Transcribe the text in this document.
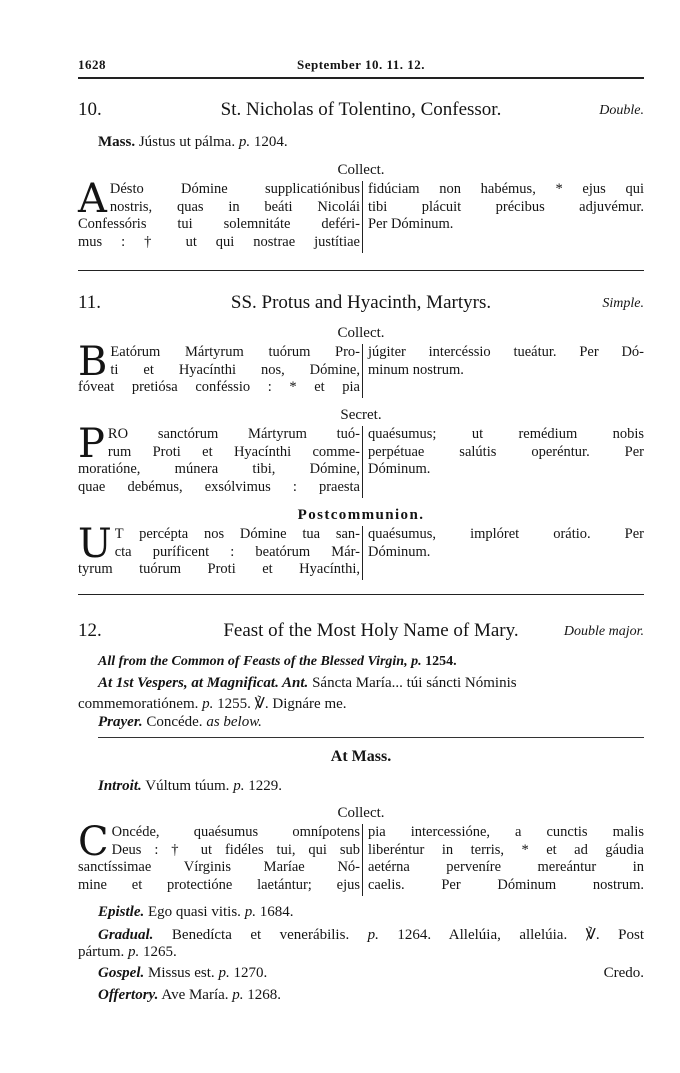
1628	September 10. 11. 12.
10.	St. Nicholas of Tolentino, Confessor.	Double.
Mass. Jústus ut pálma. p. 1204.
Collect.
A Désto Dómine supplicatiónibus
nostris, quas in beáti Nicolái
Confessóris tui solemnitáte deféri-
mus : † ut qui nostrae justítiae
fidúciam non habémus, * ejus qui
tibi plácuit précibus adjuvémur.
Per Dóminum.
11.	SS. Protus and Hyacinth, Martyrs.	Simple.
Collect.
B Eatórum Mártyrum tuórum Pro-
ti et Hyacínthi nos, Dómine,
fóveat pretiósa conféssio : * et pia
júgiter intercéssio tueátur. Per Dó-
minum nostrum.
Secret.
P RO sanctórum Mártyrum tuó-
rum Proti et Hyacínthi comme-
moratióne, múnera tibi, Dómine,
quae debémus, exsólvimus : praesta
quaésumus; ut remédium nobis
perpétuae salútis operéntur. Per
Dóminum.
Postcommunion.
U T percépta nos Dómine tua san-
cta puríficent : beatórum Már-
tyrum tuórum Proti et Hyacínthi,
quaésumus, implóret orátio. Per
Dóminum.
12.	Feast of the Most Holy Name of Mary.	Double major.
All from the Common of Feasts of the Blessed Virgin, p. 1254.
At 1st Vespers, at Magnificat. Ant. Sáncta María... túi sáncti Nóminis
commemoratiónem. p. 1255. ℣. Dignáre me.
Prayer. Concéde. as below.
At Mass.
Introit. Vúltum túum. p. 1229.
Collect.
C Oncéde, quaésumus omnípotens
Deus : † ut fidéles tui, qui sub
sanctíssimae Vírginis Maríae Nó-
mine et protectióne laetántur; ejus
pia intercessióne, a cunctis malis
liberéntur in terris, * et ad gáudia
aetérna perveníre mereántur in
caelis. Per Dóminum nostrum.
Epistle. Ego quasi vitis. p. 1684.
Gradual. Benedícta et venerábilis. p. 1264. Allelúia, allelúia. ℣. Post
pártum. p. 1265.
Gospel. Missus est. p. 1270.	Credo.
Offertory. Ave María. p. 1268.
